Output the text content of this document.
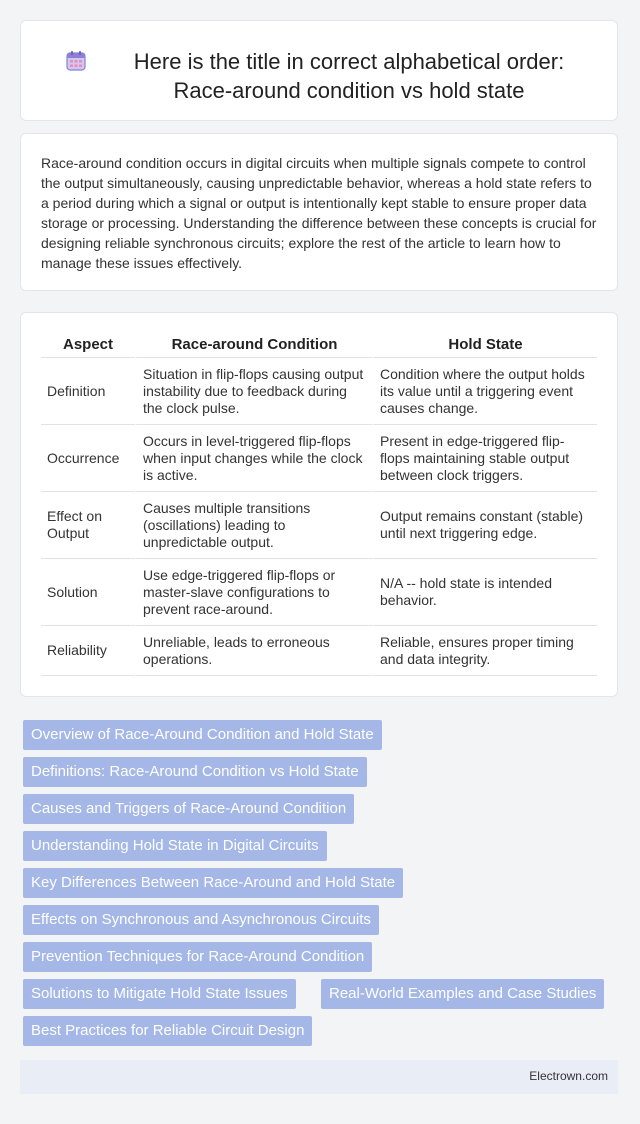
Here is the title in correct alphabetical order: Race-around condition vs hold state
Race-around condition occurs in digital circuits when multiple signals compete to control the output simultaneously, causing unpredictable behavior, whereas a hold state refers to a period during which a signal or output is intentionally kept stable to ensure proper data storage or processing. Understanding the difference between these concepts is crucial for designing reliable synchronous circuits; explore the rest of the article to learn how to manage these issues effectively.
Aspect	Race-around Condition	Hold State
Definition	Situation in flip-flops causing output instability due to feedback during the clock pulse.	Condition where the output holds its value until a triggering event causes change.
Occurrence	Occurs in level-triggered flip-flops when input changes while the clock is active.	Present in edge-triggered flip-flops maintaining stable output between clock triggers.
Effect on Output	Causes multiple transitions (oscillations) leading to unpredictable output.	Output remains constant (stable) until next triggering edge.
Solution	Use edge-triggered flip-flops or master-slave configurations to prevent race-around.	N/A -- hold state is intended behavior.
Reliability	Unreliable, leads to erroneous operations.	Reliable, ensures proper timing and data integrity.
Overview of Race-Around Condition and Hold State
Definitions: Race-Around Condition vs Hold State
Causes and Triggers of Race-Around Condition
Understanding Hold State in Digital Circuits
Key Differences Between Race-Around and Hold State
Effects on Synchronous and Asynchronous Circuits
Prevention Techniques for Race-Around Condition
Solutions to Mitigate Hold State Issues	Real-World Examples and Case Studies
Best Practices for Reliable Circuit Design
Electrown.com
